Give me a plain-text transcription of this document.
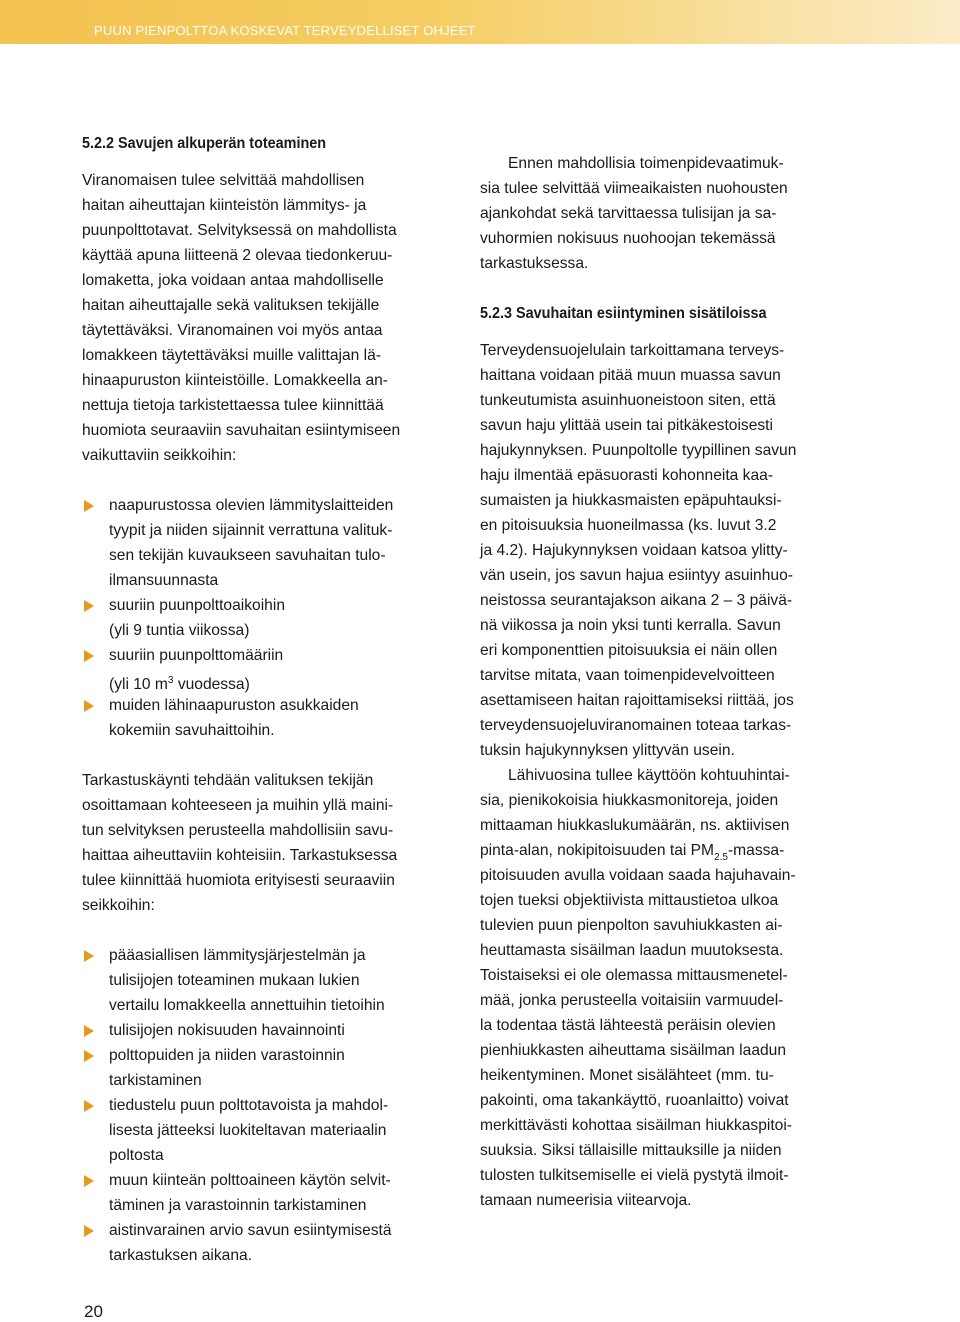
PUUN PIENPOLTTOA KOSKEVAT TERVEYDELLISET OHJEET
5.2.2 Savujen alkuperän toteaminen
Viranomaisen tulee selvittää mahdollisen
haitan aiheuttajan kiinteistön lämmitys- ja
puunpolttotavat. Selvityksessä on mahdollista
käyttää apuna liitteenä 2 olevaa tiedonkeruu-
lomaketta, joka voidaan antaa mahdolliselle
haitan aiheuttajalle sekä valituksen tekijälle
täytettäväksi. Viranomainen voi myös antaa
lomakkeen täytettäväksi muille valittajan lä-
hinaapuruston kiinteistöille. Lomakkeella an-
nettuja tietoja tarkistettaessa tulee kiinnittää
huomiota seuraaviin savuhaitan esiintymiseen
vaikuttaviin seikkoihin:
naapurustossa olevien lämmityslaitteiden
tyypit ja niiden sijainnit verrattuna valituk-
sen tekijän kuvaukseen savuhaitan tulo-
ilmansuunnasta
suuriin puunpolttoaikoihin
(yli 9 tuntia viikossa)
suuriin puunpolttomääriin
(yli 10 $m^3$ vuodessa)
muiden lähinaapuruston asukkaiden
kokemiin savuhaittoihin.
Tarkastuskäynti tehdään valituksen tekijän
osoittamaan kohteeseen ja muihin yllä maini-
tun selvityksen perusteella mahdollisiin savu-
haittaa aiheuttaviin kohteisiin. Tarkastuksessa
tulee kiinnittää huomiota erityisesti seuraaviin
seikkoihin:
pääasiallisen lämmitysjärjestelmän ja
tulisijojen toteaminen mukaan lukien
vertailu lomakkeella annettuihin tietoihin
tulisijojen nokisuuden havainnointi
polttopuiden ja niiden varastoinnin
tarkistaminen
tiedustelu puun polttotavoista ja mahdol-
lisesta jätteeksi luokiteltavan materiaalin
poltosta
muun kiinteän polttoaineen käytön selvit-
täminen ja varastoinnin tarkistaminen
aistinvarainen arvio savun esiintymisestä
tarkastuksen aikana.
Ennen mahdollisia toimenpidevaatimuk-
sia tulee selvittää viimeaikaisten nuohousten
ajankohdat sekä tarvittaessa tulisijan ja sa-
vuhormien nokisuus nuohoojan tekemässä
tarkastuksessa.
5.2.3 Savuhaitan esiintyminen sisätiloissa
Terveydensuojelulain tarkoittamana terveys-
haittana voidaan pitää muun muassa savun
tunkeutumista asuinhuoneistoon siten, että
savun haju ylittää usein tai pitkäkestoisesti
hajukynnyksen. Puunpoltolle tyypillinen savun
haju ilmentää epäsuorasti kohonneita kaa-
sumaisten ja hiukkasmaisten epäpuhtauksi-
en pitoisuuksia huoneilmassa (ks. luvut 3.2
ja 4.2). Hajukynnyksen voidaan katsoa ylitty-
vän usein, jos savun hajua esiintyy asuinhuo-
neistossa seurantajakson aikana 2 – 3 päivä-
nä viikossa ja noin yksi tunti kerralla. Savun
eri komponenttien pitoisuuksia ei näin ollen
tarvitse mitata, vaan toimenpidevelvoitteen
asettamiseen haitan rajoittamiseksi riittää, jos
terveydensuojeluviranomainen toteaa tarkas-
tuksin hajukynnyksen ylittyvän usein.
Lähivuosina tullee käyttöön kohtuuhintai-
sia, pienikokoisia hiukkasmonitoreja, joiden
mittaaman hiukkaslukumäärän, ns. aktiivisen
pinta-alan, nokipitoisuuden tai $PM_{2.5}-massa-$
pitoisuuden avulla voidaan saada hajuhavain-
tojen tueksi objektiivista mittaustietoa ulkoa
tulevien puun pienpolton savuhiukkasten ai-
heuttamasta sisäilman laadun muutoksesta.
Toistaiseksi ei ole olemassa mittausmenetel-
mää, jonka perusteella voitaisiin varmuudel-
la todentaa tästä lähteestä peräisin olevien
pienhiukkasten aiheuttama sisäilman laadun
heikentyminen. Monet sisälähteet (mm. tu-
pakointi, oma takankäyttö, ruoanlaitto) voivat
merkittävästi kohottaa sisäilman hiukkaspitoi-
suuksia. Siksi tällaisille mittauksille ja niiden
tulosten tulkitsemiselle ei vielä pystytä ilmoit-
tamaan numeerisia viitearvoja.
20
